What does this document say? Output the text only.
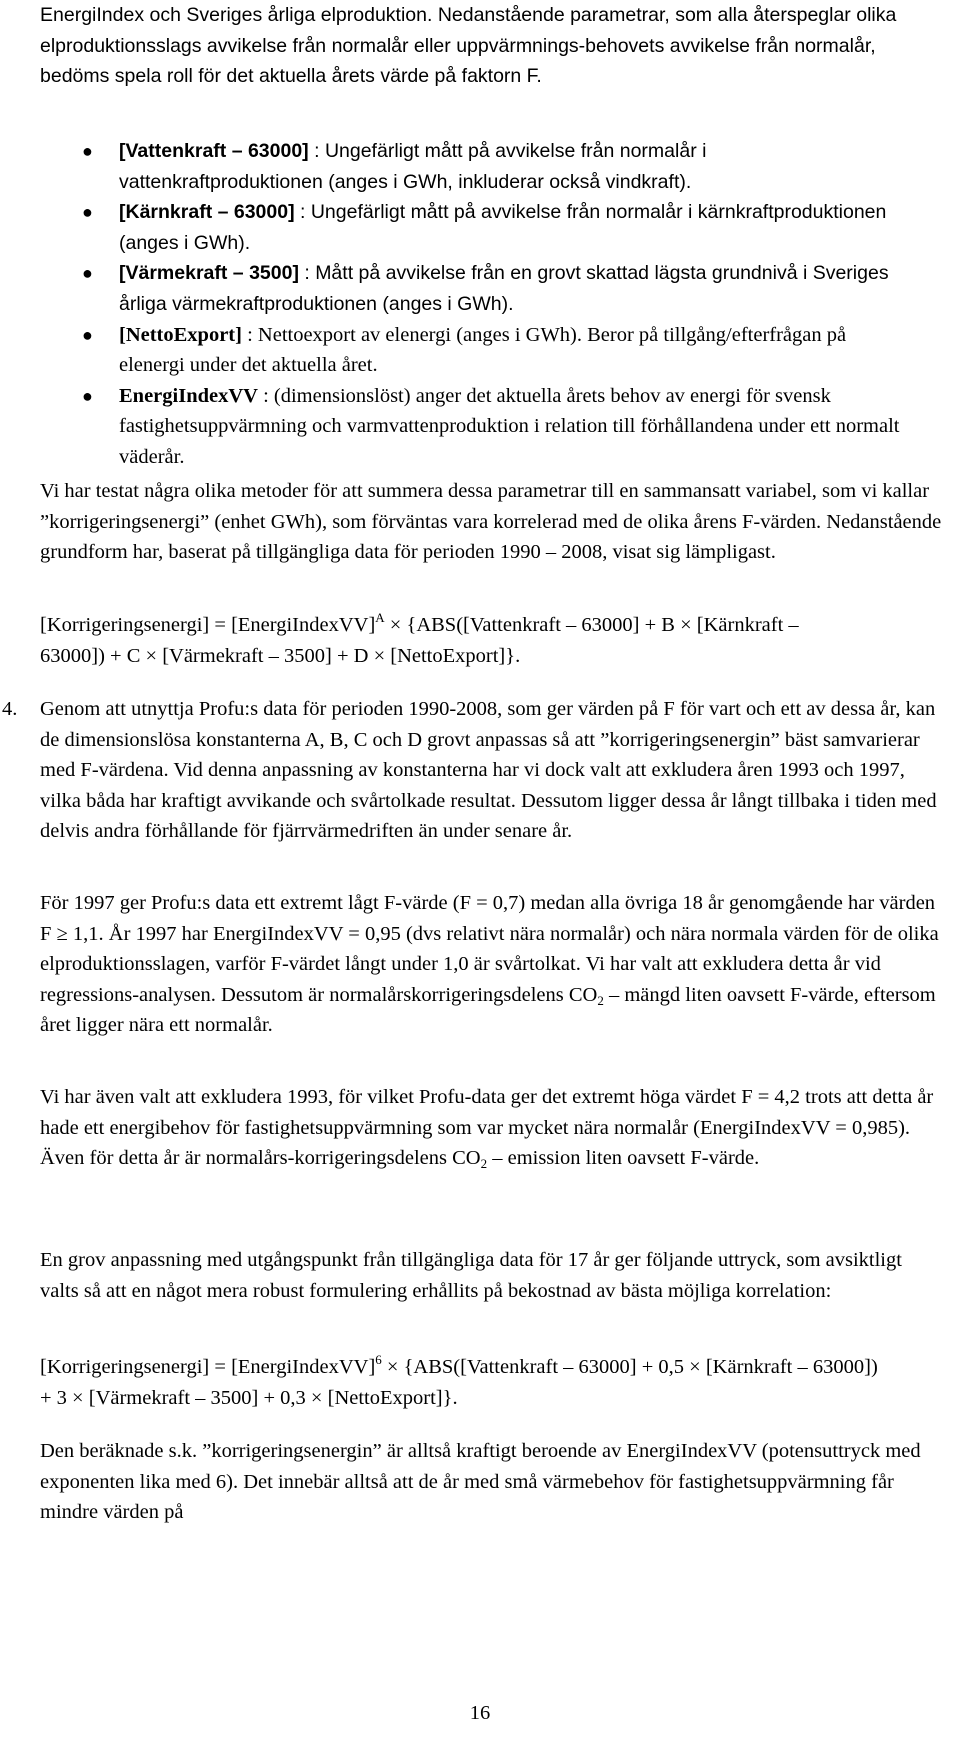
EnergiIndex och Sveriges årliga elproduktion. Nedanstående parametrar, som alla återspeglar olika elproduktionsslags avvikelse från normalår eller uppvärmnings-behovets avvikelse från normalår, bedöms spela roll för det aktuella årets värde på faktorn F.

● [Vattenkraft – 63000] : Ungefärligt mått på avvikelse från normalår i vattenkraftproduktionen (anges i GWh, inkluderar också vindkraft).
● [Kärnkraft – 63000] : Ungefärligt mått på avvikelse från normalår i kärnkraftproduktionen (anges i GWh).
● [Värmekraft – 3500] : Mått på avvikelse från en grovt skattad lägsta grundnivå i Sveriges årliga värmekraftproduktionen (anges i GWh).
● [NettoExport] : Nettoexport av elenergi (anges i GWh). Beror på tillgång/efterfrågan på elenergi under det aktuella året.
● EnergiIndexVV : (dimensionslöst) anger det aktuella årets behov av energi för svensk fastighetsuppvärmning och varmvattenproduktion i relation till förhållandena under ett normalt väderår.

Vi har testat några olika metoder för att summera dessa parametrar till en sammansatt variabel, som vi kallar ”korrigeringsenergi” (enhet GWh), som förväntas vara korrelerad med de olika årens F-värden. Nedanstående grundform har, baserat på tillgängliga data för perioden 1990 – 2008, visat sig lämpligast.

[Korrigeringsenergi] = [EnergiIndexVV]$^A$ × {ABS([Vattenkraft – 63000] + B × [Kärnkraft – 63000]) + C × [Värmekraft – 3500] + D × [NettoExport]}.

4. Genom att utnyttja Profu:s data för perioden 1990-2008, som ger värden på F för vart och ett av dessa år, kan de dimensionslösa konstanterna A, B, C och D grovt anpassas så att ”korrigeringsenergin” bäst samvarierar med F-värdena. Vid denna anpassning av konstanterna har vi dock valt att exkludera åren 1993 och 1997, vilka båda har kraftigt avvikande och svårtolkade resultat. Dessutom ligger dessa år långt tillbaka i tiden med delvis andra förhållande för fjärrvärmedriften än under senare år.

För 1997 ger Profu:s data ett extremt lågt F-värde (F = 0,7) medan alla övriga 18 år genomgående har värden F ≥ 1,1. År 1997 har EnergiIndexVV = 0,95 (dvs relativt nära normalår) och nära normala värden för de olika elproduktionsslagen, varför F-värdet långt under 1,0 är svårtolkat. Vi har valt att exkludera detta år vid regressions-analysen. Dessutom är normalårskorrigeringsdelens $CO_2$ – mängd liten oavsett F-värde, eftersom året ligger nära ett normalår.

Vi har även valt att exkludera 1993, för vilket Profu-data ger det extremt höga värdet F = 4,2 trots att detta år hade ett energibehov för fastighetsuppvärmning som var mycket nära normalår (EnergiIndexVV = 0,985). Även för detta år är normalårs-korrigeringsdelens $CO_2$ – emission liten oavsett F-värde.

En grov anpassning med utgångspunkt från tillgängliga data för 17 år ger följande uttryck, som avsiktligt valts så att en något mera robust formulering erhållits på bekostnad av bästa möjliga korrelation:

[Korrigeringsenergi] = [EnergiIndexVV]$^6$ × {ABS([Vattenkraft – 63000] + 0,5 × [Kärnkraft – 63000]) + 3 × [Värmekraft – 3500] + 0,3 × [NettoExport]}.

Den beräknade s.k. ”korrigeringsenergin” är alltså kraftigt beroende av EnergiIndexVV (potensuttryck med exponenten lika med 6). Det innebär alltså att de år med små värmebehov för fastighetsuppvärmning får mindre värden på

16
